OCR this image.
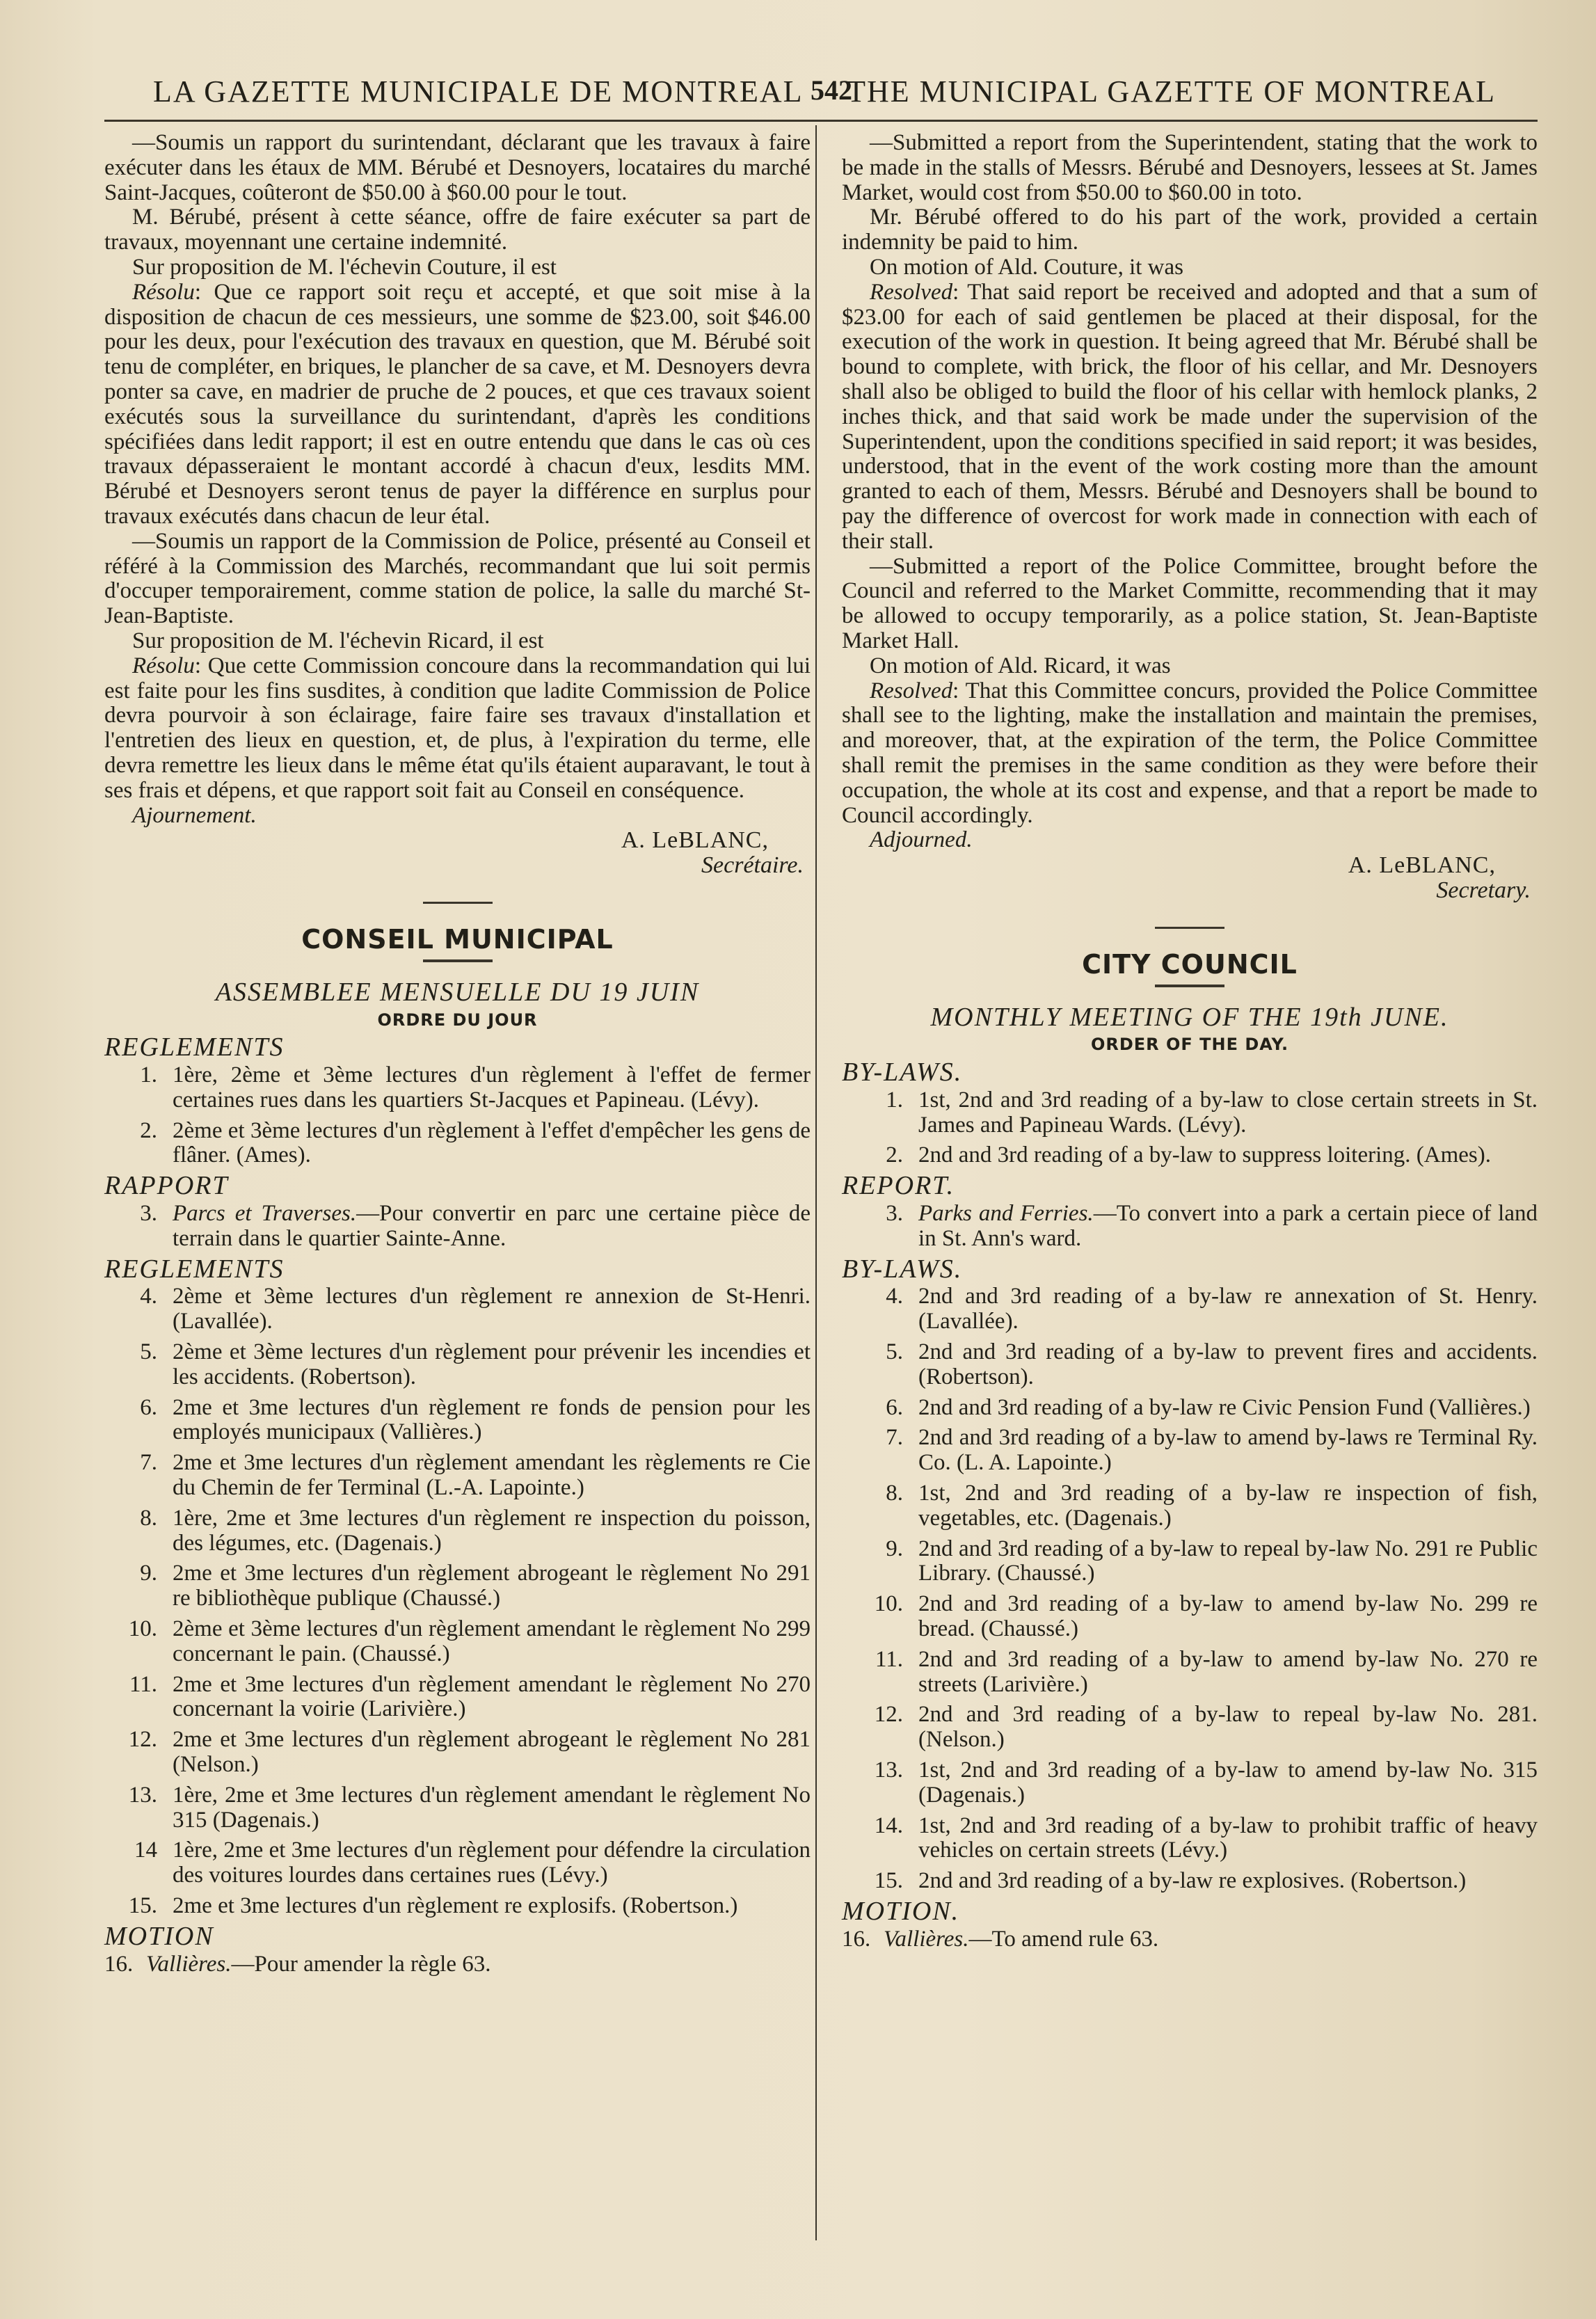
LA GAZETTE MUNICIPALE DE MONTREAL 542
THE MUNICIPAL GAZETTE OF MONTREAL

—Soumis un rapport du surintendant, déclarant que les travaux à faire exécuter dans les étaux de MM. Bérubé et Desnoyers, locataires du marché Saint-Jacques, coûteront de $50.00 à $60.00 pour le tout.

M. Bérubé, présent à cette séance, offre de faire exécuter sa part de travaux, moyennant une certaine indemnité.

Sur proposition de M. l'échevin Couture, il est

Résolu: Que ce rapport soit reçu et accepté, et que soit mise à la disposition de chacun de ces messieurs, une somme de $23.00, soit $46.00 pour les deux, pour l'exécution des travaux en question, que M. Bérubé soit tenu de compléter, en briques, le plancher de sa cave, et M. Desnoyers devra ponter sa cave, en madrier de pruche de 2 pouces, et que ces travaux soient exécutés sous la surveillance du surintendant, d'après les conditions spécifiées dans ledit rapport; il est en outre entendu que dans le cas où ces travaux dépasseraient le montant accordé à chacun d'eux, lesdits MM. Bérubé et Desnoyers seront tenus de payer la différence en surplus pour travaux exécutés dans chacun de leur étal.

—Soumis un rapport de la Commission de Police, présenté au Conseil et référé à la Commission des Marchés, recommandant que lui soit permis d'occuper temporairement, comme station de police, la salle du marché St-Jean-Baptiste.

Sur proposition de M. l'échevin Ricard, il est

Résolu: Que cette Commission concoure dans la recommandation qui lui est faite pour les fins susdites, à condition que ladite Commission de Police devra pourvoir à son éclairage, faire faire ses travaux d'installation et l'entretien des lieux en question, et, de plus, à l'expiration du terme, elle devra remettre les lieux dans le même état qu'ils étaient auparavant, le tout à ses frais et dépens, et que rapport soit fait au Conseil en conséquence.

Ajournement.

A. LeBLANC,

Secrétaire.

CONSEIL MUNICIPAL
ASSEMBLEE MENSUELLE DU 19 JUIN
ORDRE DU JOUR
REGLEMENTS
1. 1ère, 2ème et 3ème lectures d'un règlement à l'effet de fermer certaines rues dans les quartiers St-Jacques et Papineau. (Lévy).
2. 2ème et 3ème lectures d'un règlement à l'effet d'empêcher les gens de flâner. (Ames).
RAPPORT
3. Parcs et Traverses.—Pour convertir en parc une certaine pièce de terrain dans le quartier Sainte-Anne.
REGLEMENTS
4. 2ème et 3ème lectures d'un règlement re annexion de St-Henri. (Lavallée).
5. 2ème et 3ème lectures d'un règlement pour prévenir les incendies et les accidents. (Robertson).
6. 2me et 3me lectures d'un règlement re fonds de pension pour les employés municipaux (Vallières.)
7. 2me et 3me lectures d'un règlement amendant les règlements re Cie du Chemin de fer Terminal (L.-A. Lapointe.)
8. 1ère, 2me et 3me lectures d'un règlement re inspection du poisson, des légumes, etc. (Dagenais.)
9. 2me et 3me lectures d'un règlement abrogeant le règlement No 291 re bibliothèque publique (Chaussé.)
10. 2ème et 3ème lectures d'un règlement amendant le règlement No 299 concernant le pain. (Chaussé.)
11. 2me et 3me lectures d'un règlement amendant le règlement No 270 concernant la voirie (Larivière.)
12. 2me et 3me lectures d'un règlement abrogeant le règlement No 281 (Nelson.)
13. 1ère, 2me et 3me lectures d'un règlement amendant le règlement No 315 (Dagenais.)
14 1ère, 2me et 3me lectures d'un règlement pour défendre la circulation des voitures lourdes dans certaines rues (Lévy.)
15. 2me et 3me lectures d'un règlement re explosifs. (Robertson.)
MOTION
16. Vallières.—Pour amender la règle 63.

—Submitted a report from the Superintendent, stating that the work to be made in the stalls of Messrs. Bérubé and Desnoyers, lessees at St. James Market, would cost from $50.00 to $60.00 in toto.

Mr. Bérubé offered to do his part of the work, provided a certain indemnity be paid to him.

On motion of Ald. Couture, it was

Resolved: That said report be received and adopted and that a sum of $23.00 for each of said gentlemen be placed at their disposal, for the execution of the work in question. It being agreed that Mr. Bérubé shall be bound to complete, with brick, the floor of his cellar, and Mr. Desnoyers shall also be obliged to build the floor of his cellar with hemlock planks, 2 inches thick, and that said work be made under the supervision of the Superintendent, upon the conditions specified in said report; it was besides, understood, that in the event of the work costing more than the amount granted to each of them, Messrs. Bérubé and Desnoyers shall be bound to pay the difference of overcost for work made in connection with each of their stall.

—Submitted a report of the Police Committee, brought before the Council and referred to the Market Committe, recommending that it may be allowed to occupy temporarily, as a police station, St. Jean-Baptiste Market Hall.

On motion of Ald. Ricard, it was

Resolved: That this Committee concurs, provided the Police Committee shall see to the lighting, make the installation and maintain the premises, and moreover, that, at the expiration of the term, the Police Committee shall remit the premises in the same condition as they were before their occupation, the whole at its cost and expense, and that a report be made to Council accordingly.

Adjourned.

A. LeBLANC,

Secretary.

CITY COUNCIL
MONTHLY MEETING OF THE 19th JUNE.
ORDER OF THE DAY.
BY-LAWS.
1. 1st, 2nd and 3rd reading of a by-law to close certain streets in St. James and Papineau Wards. (Lévy).
2. 2nd and 3rd reading of a by-law to suppress loitering. (Ames).
REPORT.
3. Parks and Ferries.—To convert into a park a certain piece of land in St. Ann's ward.
BY-LAWS.
4. 2nd and 3rd reading of a by-law re annexation of St. Henry. (Lavallée).
5. 2nd and 3rd reading of a by-law to prevent fires and accidents. (Robertson).
6. 2nd and 3rd reading of a by-law re Civic Pension Fund (Vallières.)
7. 2nd and 3rd reading of a by-law to amend by-laws re Terminal Ry. Co. (L. A. Lapointe.)
8. 1st, 2nd and 3rd reading of a by-law re inspection of fish, vegetables, etc. (Dagenais.)
9. 2nd and 3rd reading of a by-law to repeal by-law No. 291 re Public Library. (Chaussé.)
10. 2nd and 3rd reading of a by-law to amend by-law No. 299 re bread. (Chaussé.)
11. 2nd and 3rd reading of a by-law to amend by-law No. 270 re streets (Larivière.)
12. 2nd and 3rd reading of a by-law to repeal by-law No. 281. (Nelson.)
13. 1st, 2nd and 3rd reading of a by-law to amend by-law No. 315 (Dagenais.)
14. 1st, 2nd and 3rd reading of a by-law to prohibit traffic of heavy vehicles on certain streets (Lévy.)
15. 2nd and 3rd reading of a by-law re explosives. (Robertson.)
MOTION.
16. Vallières.—To amend rule 63.
